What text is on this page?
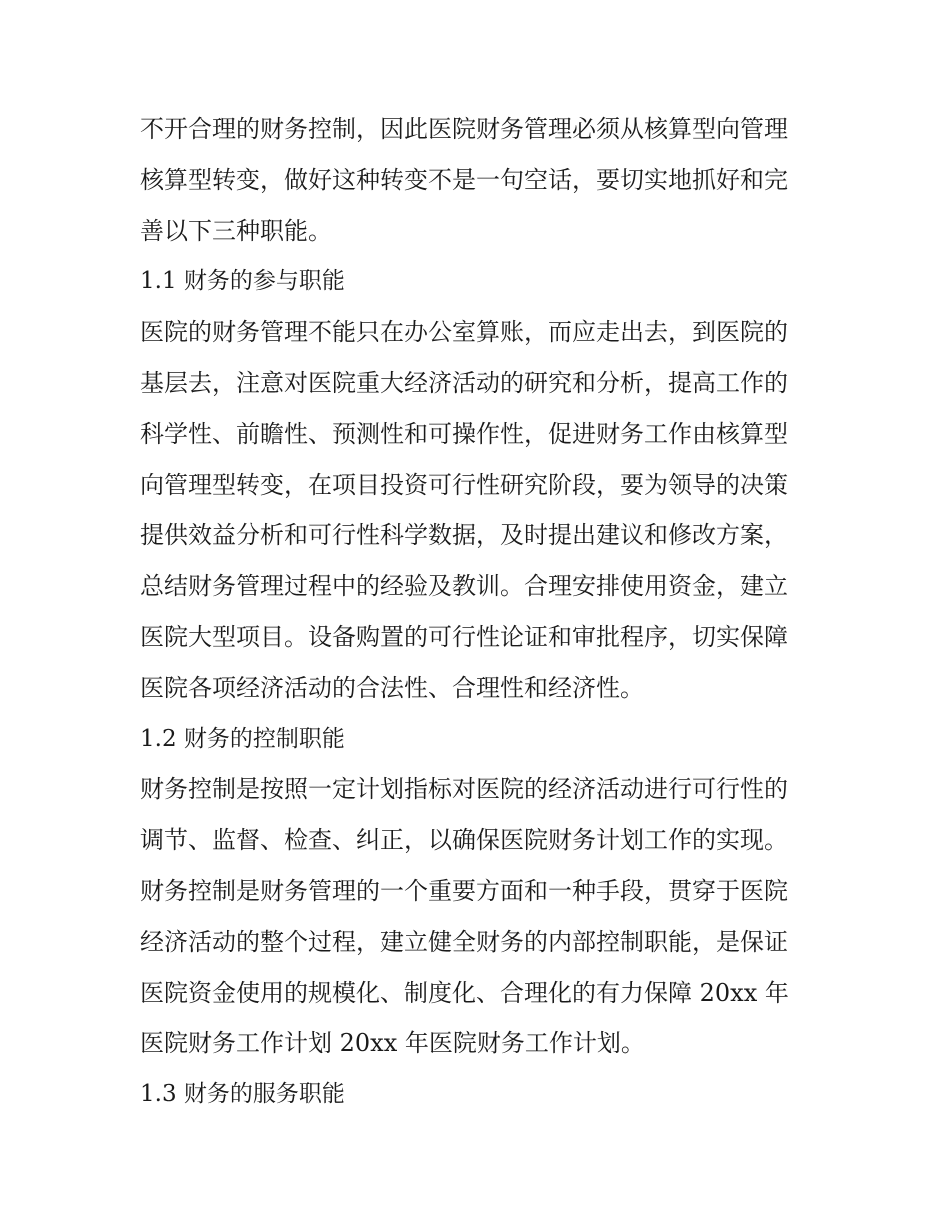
不开合理的财务控制，因此医院财务管理必须从核算型向管理
核算型转变，做好这种转变不是一句空话，要切实地抓好和完
善以下三种职能。
1.1 财务的参与职能
医院的财务管理不能只在办公室算账，而应走出去，到医院的
基层去，注意对医院重大经济活动的研究和分析，提高工作的
科学性、前瞻性、预测性和可操作性，促进财务工作由核算型
向管理型转变，在项目投资可行性研究阶段，要为领导的决策
提供效益分析和可行性科学数据，及时提出建议和修改方案，
总结财务管理过程中的经验及教训。合理安排使用资金，建立
医院大型项目。设备购置的可行性论证和审批程序，切实保障
医院各项经济活动的合法性、合理性和经济性。
1.2 财务的控制职能
财务控制是按照一定计划指标对医院的经济活动进行可行性的
调节、监督、检查、纠正，以确保医院财务计划工作的实现。
财务控制是财务管理的一个重要方面和一种手段，贯穿于医院
经济活动的整个过程，建立健全财务的内部控制职能，是保证
医院资金使用的规模化、制度化、合理化的有力保障 20xx 年
医院财务工作计划 20xx 年医院财务工作计划。
1.3 财务的服务职能
